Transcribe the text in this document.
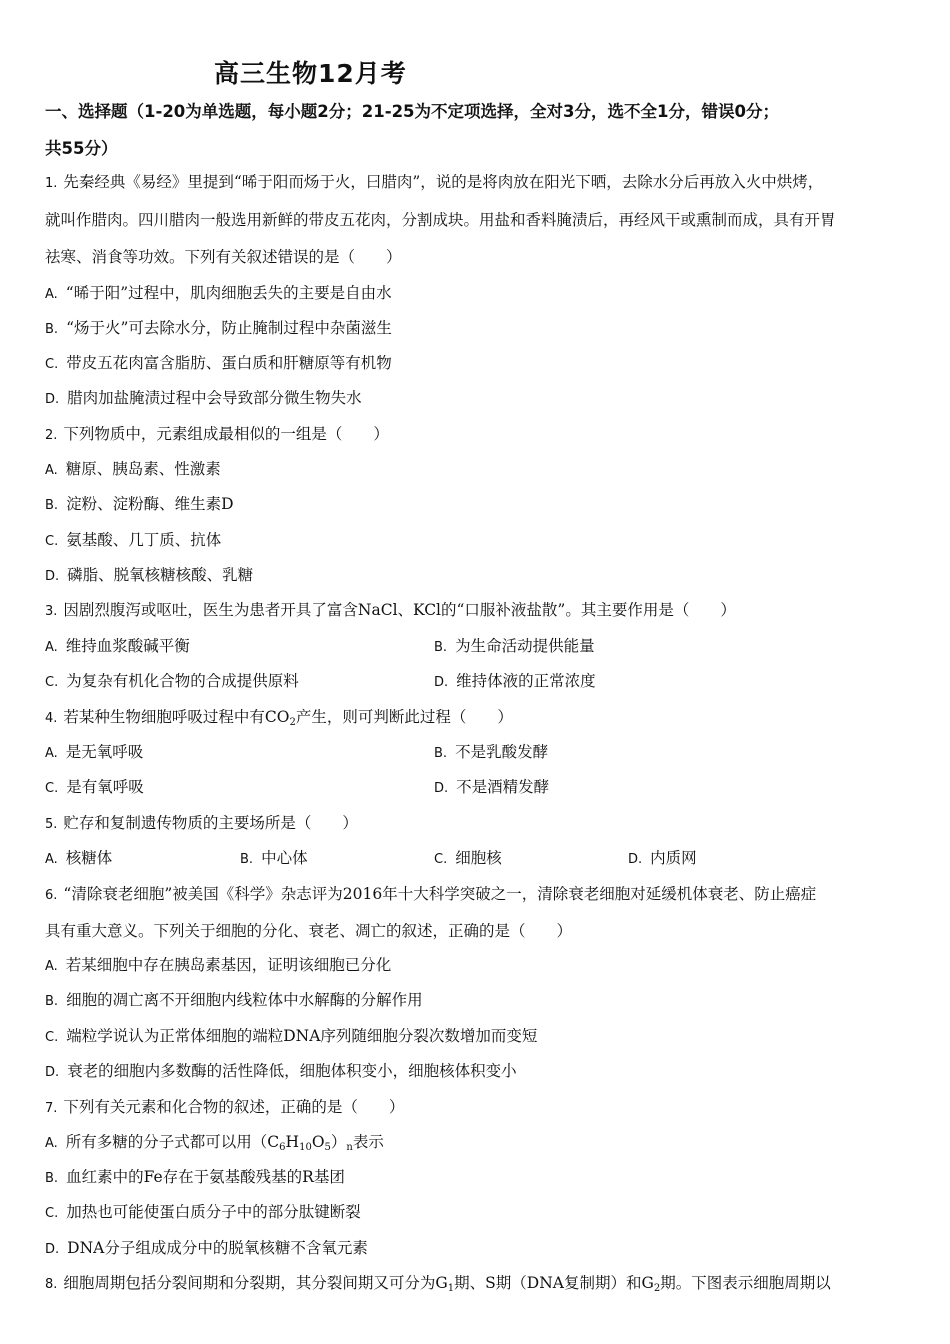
高三生物12月考
一、选择题（1-20为单选题，每小题2分；21-25为不定项选择，全对3分，选不全1分，错误0分；
共55分）
1. 先秦经典《易经》里提到“晞于阳而炀于火，曰腊肉”，说的是将肉放在阳光下晒，去除水分后再放入火中烘烤，
就叫作腊肉。四川腊肉一般选用新鲜的带皮五花肉，分割成块。用盐和香料腌渍后，再经风干或熏制而成，具有开胃
祛寒、消食等功效。下列有关叙述错误的是（　　）
A. “晞于阳”过程中，肌肉细胞丢失的主要是自由水
B. “炀于火”可去除水分，防止腌制过程中杂菌滋生
C. 带皮五花肉富含脂肪、蛋白质和肝糖原等有机物
D. 腊肉加盐腌渍过程中会导致部分微生物失水
2. 下列物质中，元素组成最相似的一组是（　　）
A. 糖原、胰岛素、性激素
B. 淀粉、淀粉酶、维生素D
C. 氨基酸、几丁质、抗体
D. 磷脂、脱氧核糖核酸、乳糖
3. 因剧烈腹泻或呕吐，医生为患者开具了富含NaCl、KCl的“口服补液盐散”。其主要作用是（　　）
A. 维持血浆酸碱平衡	B. 为生命活动提供能量
C. 为复杂有机化合物的合成提供原料	D. 维持体液的正常浓度
4. 若某种生物细胞呼吸过程中有$CO_2$产生，则可判断此过程（　　）
A. 是无氧呼吸	B. 不是乳酸发酵
C. 是有氧呼吸	D. 不是酒精发酵
5. 贮存和复制遗传物质的主要场所是（　　）
A. 核糖体	B. 中心体	C. 细胞核	D. 内质网
6. “清除衰老细胞”被美国《科学》杂志评为2016年十大科学突破之一，清除衰老细胞对延缓机体衰老、防止癌症
具有重大意义。下列关于细胞的分化、衰老、凋亡的叙述，正确的是（　　）
A. 若某细胞中存在胰岛素基因，证明该细胞已分化
B. 细胞的凋亡离不开细胞内线粒体中水解酶的分解作用
C. 端粒学说认为正常体细胞的端粒DNA序列随细胞分裂次数增加而变短
D. 衰老的细胞内多数酶的活性降低，细胞体积变小，细胞核体积变小
7. 下列有关元素和化合物的叙述，正确的是（　　）
A. 所有多糖的分子式都可以用$(C_6H_{10}O_5)_n$表示
B. 血红素中的Fe存在于氨基酸残基的R基团
C. 加热也可能使蛋白质分子中的部分肽键断裂
D. DNA分子组成成分中的脱氧核糖不含氧元素
8. 细胞周期包括分裂间期和分裂期，其分裂间期又可分为$G_1$期、S期（DNA复制期）和$G_2$期。下图表示细胞周期以
